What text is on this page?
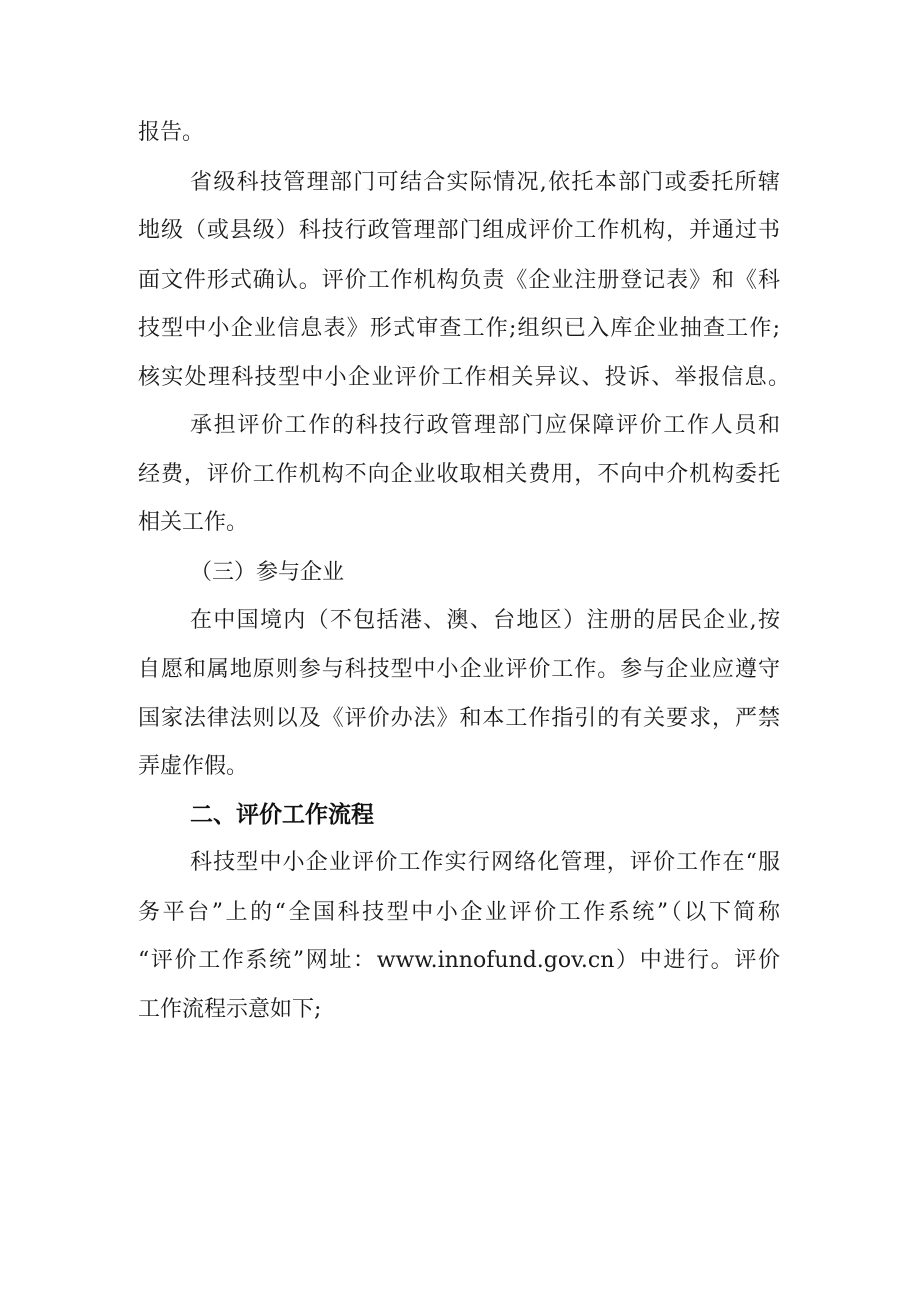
报告。
省级科技管理部门可结合实际情况,依托本部门或委托所辖
地级（或县级）科技行政管理部门组成评价工作机构，并通过书
面文件形式确认。评价工作机构负责《企业注册登记表》和《科
技型中小企业信息表》形式审查工作;组织已入库企业抽查工作;
核实处理科技型中小企业评价工作相关异议、投诉、举报信息。
承担评价工作的科技行政管理部门应保障评价工作人员和
经费，评价工作机构不向企业收取相关费用，不向中介机构委托
相关工作。
（三）参与企业
在中国境内（不包括港、澳、台地区）注册的居民企业,按
自愿和属地原则参与科技型中小企业评价工作。参与企业应遵守
国家法律法则以及《评价办法》和本工作指引的有关要求，严禁
弄虚作假。
二、评价工作流程
科技型中小企业评价工作实行网络化管理，评价工作在“服
务平台”上的“全国科技型中小企业评价工作系统”（以下简称
“评价工作系统”网址：www.innofund.gov.cn）中进行。评价
工作流程示意如下;
